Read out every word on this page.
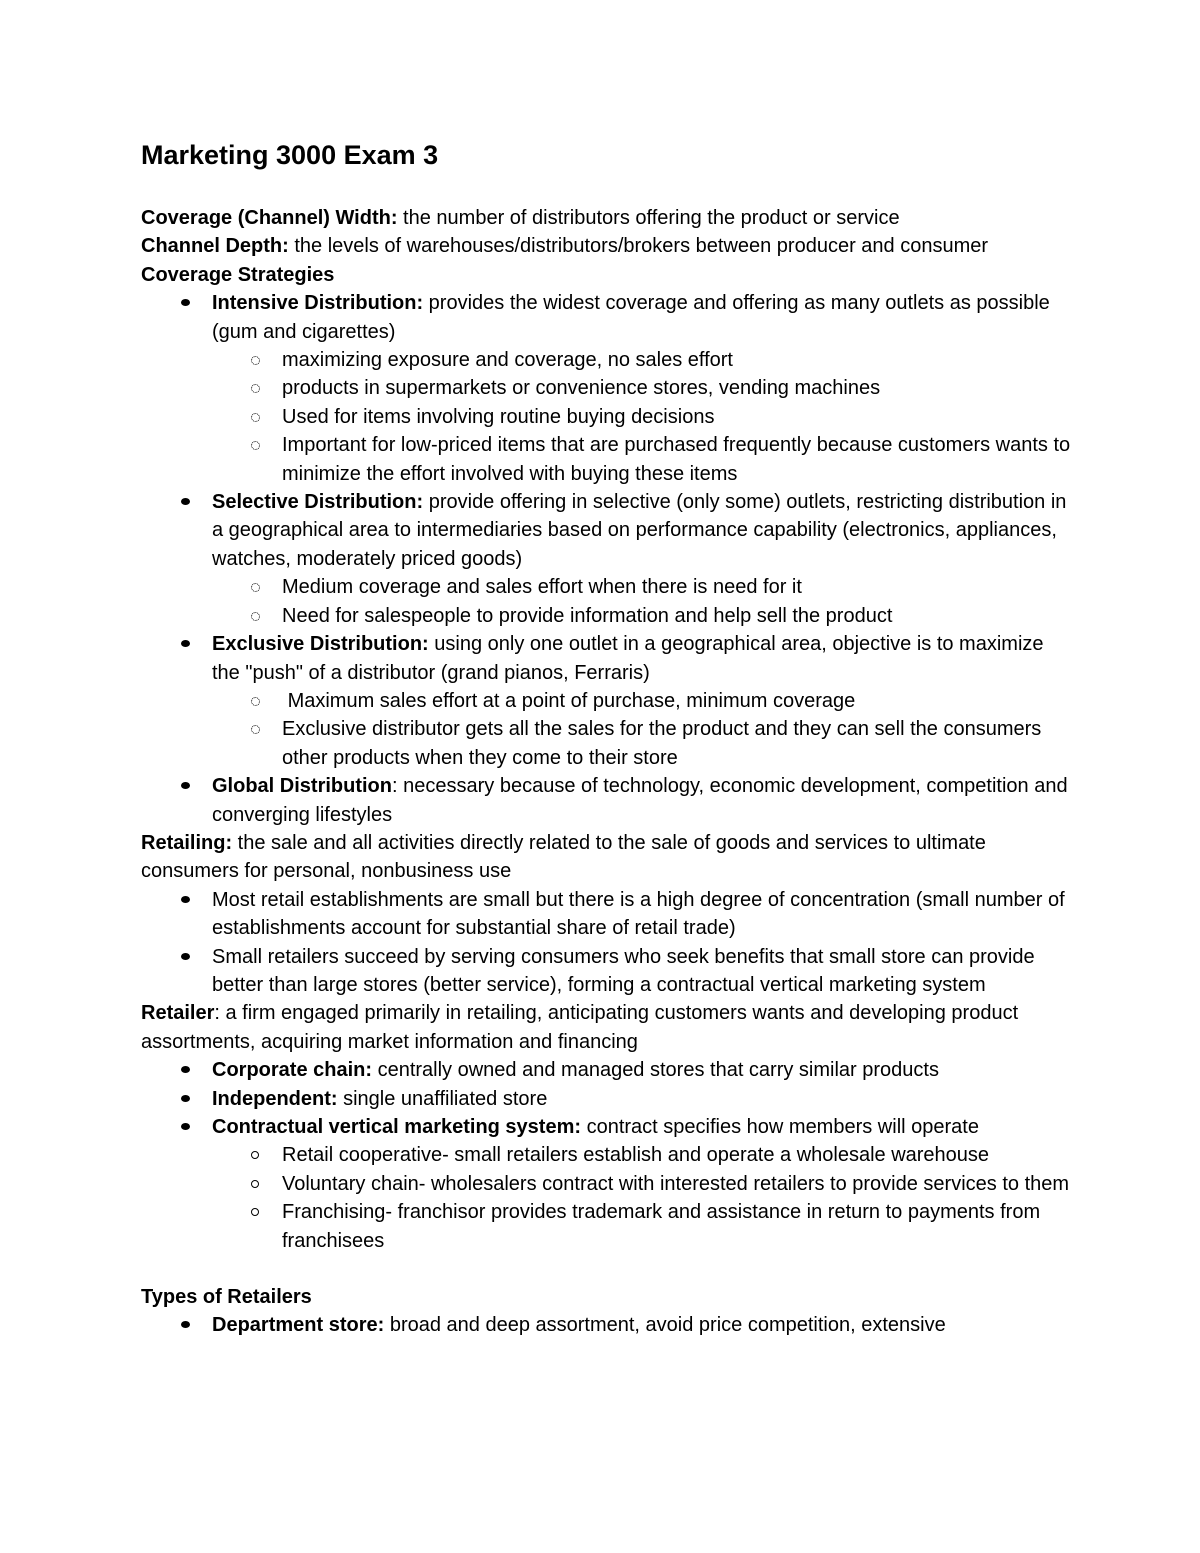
Marketing 3000 Exam 3

Coverage (Channel) Width: the number of distributors offering the product or service

Channel Depth: the levels of warehouses/distributors/brokers between producer and consumer

Coverage Strategies

Intensive Distribution: provides the widest coverage and offering as many outlets as possible (gum and cigarettes)
maximizing exposure and coverage, no sales effort
products in supermarkets or convenience stores, vending machines
Used for items involving routine buying decisions
Important for low-priced items that are purchased frequently because customers wants to minimize the effort involved with buying these items
Selective Distribution: provide offering in selective (only some) outlets, restricting distribution in a geographical area to intermediaries based on performance capability (electronics, appliances, watches, moderately priced goods)
Medium coverage and sales effort when there is need for it
Need for salespeople to provide information and help sell the product
Exclusive Distribution: using only one outlet in a geographical area, objective is to maximize the "push" of a distributor (grand pianos, Ferraris)
Maximum sales effort at a point of purchase, minimum coverage
Exclusive distributor gets all the sales for the product and they can sell the consumers other products when they come to their store
Global Distribution: necessary because of technology, economic development, competition and converging lifestyles

Retailing: the sale and all activities directly related to the sale of goods and services to ultimate consumers for personal, nonbusiness use

Most retail establishments are small but there is a high degree of concentration (small number of establishments account for substantial share of retail trade)
Small retailers succeed by serving consumers who seek benefits that small store can provide better than large stores (better service), forming a contractual vertical marketing system

Retailer: a firm engaged primarily in retailing, anticipating customers wants and developing product assortments, acquiring market information and financing

Corporate chain: centrally owned and managed stores that carry similar products
Independent: single unaffiliated store
Contractual vertical marketing system: contract specifies how members will operate
Retail cooperative- small retailers establish and operate a wholesale warehouse
Voluntary chain- wholesalers contract with interested retailers to provide services to them
Franchising- franchisor provides trademark and assistance in return to payments from franchisees

Types of Retailers

Department store: broad and deep assortment, avoid price competition, extensive
